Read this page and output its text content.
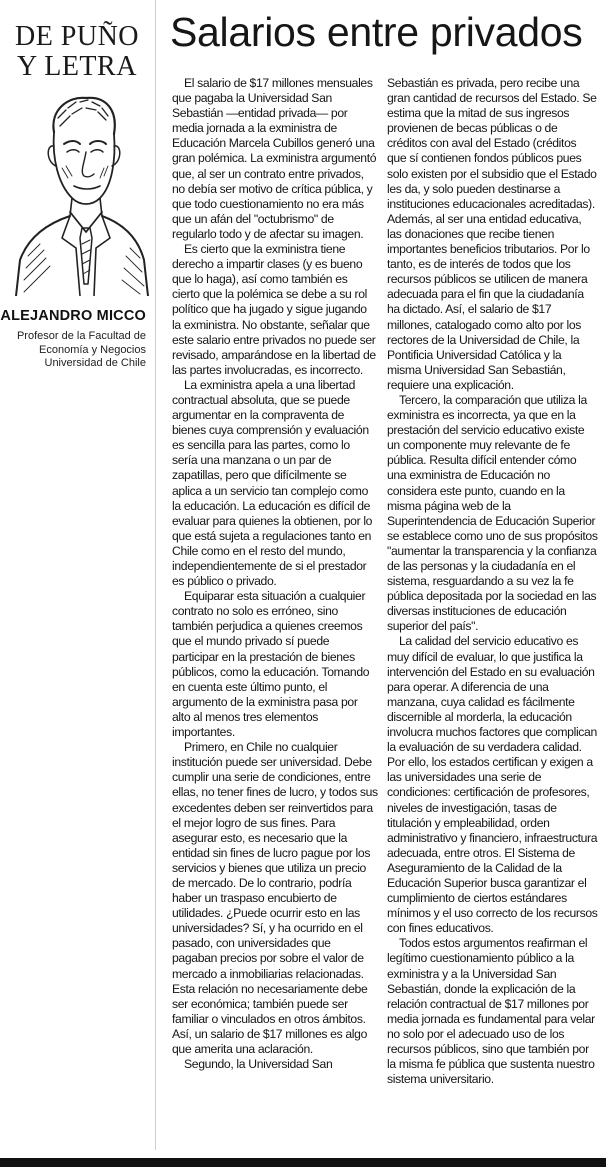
DE PUÑO
Y LETRA
ALEJANDRO MICCO
Profesor de la Facultad de
Economía y Negocios
Universidad de Chile
Salarios entre privados

El salario de $17 millones mensuales que pagaba la Universidad San Sebastián —entidad privada— por media jornada a la exministra de Educación Marcela Cubillos generó una gran polémica. La exministra argumentó que, al ser un contrato entre privados, no debía ser motivo de crítica pública, y que todo cuestionamiento no era más que un afán del "octubrismo" de regularlo todo y de afectar su imagen.

Es cierto que la exministra tiene derecho a impartir clases (y es bueno que lo haga), así como también es cierto que la polémica se debe a su rol político que ha jugado y sigue jugando la exministra. No obstante, señalar que este salario entre privados no puede ser revisado, amparándose en la libertad de las partes involucradas, es incorrecto.

La exministra apela a una libertad contractual absoluta, que se puede argumentar en la compraventa de bienes cuya comprensión y evaluación es sencilla para las partes, como lo sería una manzana o un par de zapatillas, pero que difícilmente se aplica a un servicio tan complejo como la educación. La educación es difícil de evaluar para quienes la obtienen, por lo que está sujeta a regulaciones tanto en Chile como en el resto del mundo, independientemente de si el prestador es público o privado.

Equiparar esta situación a cualquier contrato no solo es erróneo, sino también perjudica a quienes creemos que el mundo privado sí puede participar en la prestación de bienes públicos, como la educación. Tomando en cuenta este último punto, el argumento de la exministra pasa por alto al menos tres elementos importantes.

Primero, en Chile no cualquier institución puede ser universidad. Debe cumplir una serie de condiciones, entre ellas, no tener fines de lucro, y todos sus excedentes deben ser reinvertidos para el mejor logro de sus fines. Para asegurar esto, es necesario que la entidad sin fines de lucro pague por los servicios y bienes que utiliza un precio de mercado. De lo contrario, podría haber un traspaso encubierto de utilidades. ¿Puede ocurrir esto en las universidades? Sí, y ha ocurrido en el pasado, con universidades que pagaban precios por sobre el valor de mercado a inmobiliarias relacionadas. Esta relación no necesariamente debe ser económica; también puede ser familiar o vinculados en otros ámbitos. Así, un salario de $17 millones es algo que amerita una aclaración.

Segundo, la Universidad San

Sebastián es privada, pero recibe una gran cantidad de recursos del Estado. Se estima que la mitad de sus ingresos provienen de becas públicas o de créditos con aval del Estado (créditos que sí contienen fondos públicos pues solo existen por el subsidio que el Estado les da, y solo pueden destinarse a instituciones educacionales acreditadas). Además, al ser una entidad educativa, las donaciones que recibe tienen importantes beneficios tributarios. Por lo tanto, es de interés de todos que los recursos públicos se utilicen de manera adecuada para el fin que la ciudadanía ha dictado. Así, el salario de $17 millones, catalogado como alto por los rectores de la Universidad de Chile, la Pontificia Universidad Católica y la misma Universidad San Sebastián, requiere una explicación.

Tercero, la comparación que utiliza la exministra es incorrecta, ya que en la prestación del servicio educativo existe un componente muy relevante de fe pública. Resulta difícil entender cómo una exministra de Educación no considera este punto, cuando en la misma página web de la Superintendencia de Educación Superior se establece como uno de sus propósitos "aumentar la transparencia y la confianza de las personas y la ciudadanía en el sistema, resguardando a su vez la fe pública depositada por la sociedad en las diversas instituciones de educación superior del país".

La calidad del servicio educativo es muy difícil de evaluar, lo que justifica la intervención del Estado en su evaluación para operar. A diferencia de una manzana, cuya calidad es fácilmente discernible al morderla, la educación involucra muchos factores que complican la evaluación de su verdadera calidad. Por ello, los estados certifican y exigen a las universidades una serie de condiciones: certificación de profesores, niveles de investigación, tasas de titulación y empleabilidad, orden administrativo y financiero, infraestructura adecuada, entre otros. El Sistema de Aseguramiento de la Calidad de la Educación Superior busca garantizar el cumplimiento de ciertos estándares mínimos y el uso correcto de los recursos con fines educativos.

Todos estos argumentos reafirman el legítimo cuestionamiento público a la exministra y a la Universidad San Sebastián, donde la explicación de la relación contractual de $17 millones por media jornada es fundamental para velar no solo por el adecuado uso de los recursos públicos, sino que también por la misma fe pública que sustenta nuestro sistema universitario.
